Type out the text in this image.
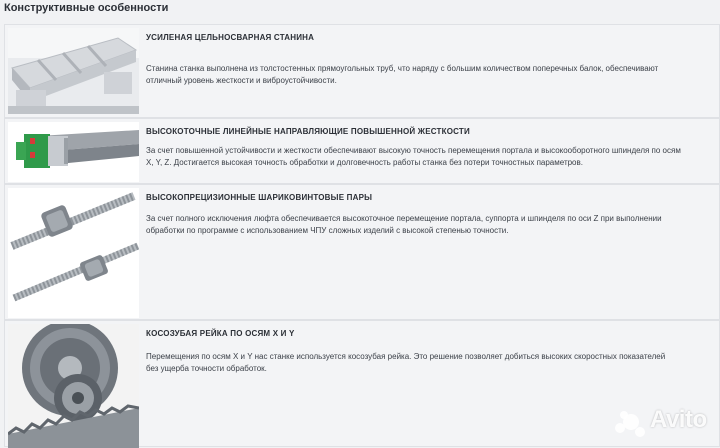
Конструктивные особенности
УСИЛЕНАЯ ЦЕЛЬНОСВАРНАЯ СТАНИНА
Станина станка выполнена из толстостенных прямоугольных труб, что наряду с большим количеством поперечных балок, обеспечивают отличный уровень жесткости и виброустойчивости.
ВЫСОКОТОЧНЫЕ ЛИНЕЙНЫЕ НАПРАВЛЯЮЩИЕ ПОВЫШЕННОЙ ЖЕСТКОСТИ
За счет повышенной устойчивости и жесткости обеспечивают высокую точность перемещения портала и высокооборотного шпинделя по осям X, Y, Z. Достигается высокая точность обработки и долговечность работы станка без потери точностных параметров.
ВЫСОКОПРЕЦИЗИОННЫЕ ШАРИКОВИНТОВЫЕ ПАРЫ
За счет полного исключения люфта обеспечивается высокоточное перемещение портала, суппорта и шпинделя по оси Z при выполнении обработки по программе с использованием ЧПУ сложных изделий с высокой степенью точности.
КОСОЗУБАЯ РЕЙКА ПО ОСЯМ X И Y
Перемещения по осям X и Y нас станке используется косозубая рейка. Это решение позволяет добиться высоких скоростных показателей без ущерба точности обработок.
Avito
